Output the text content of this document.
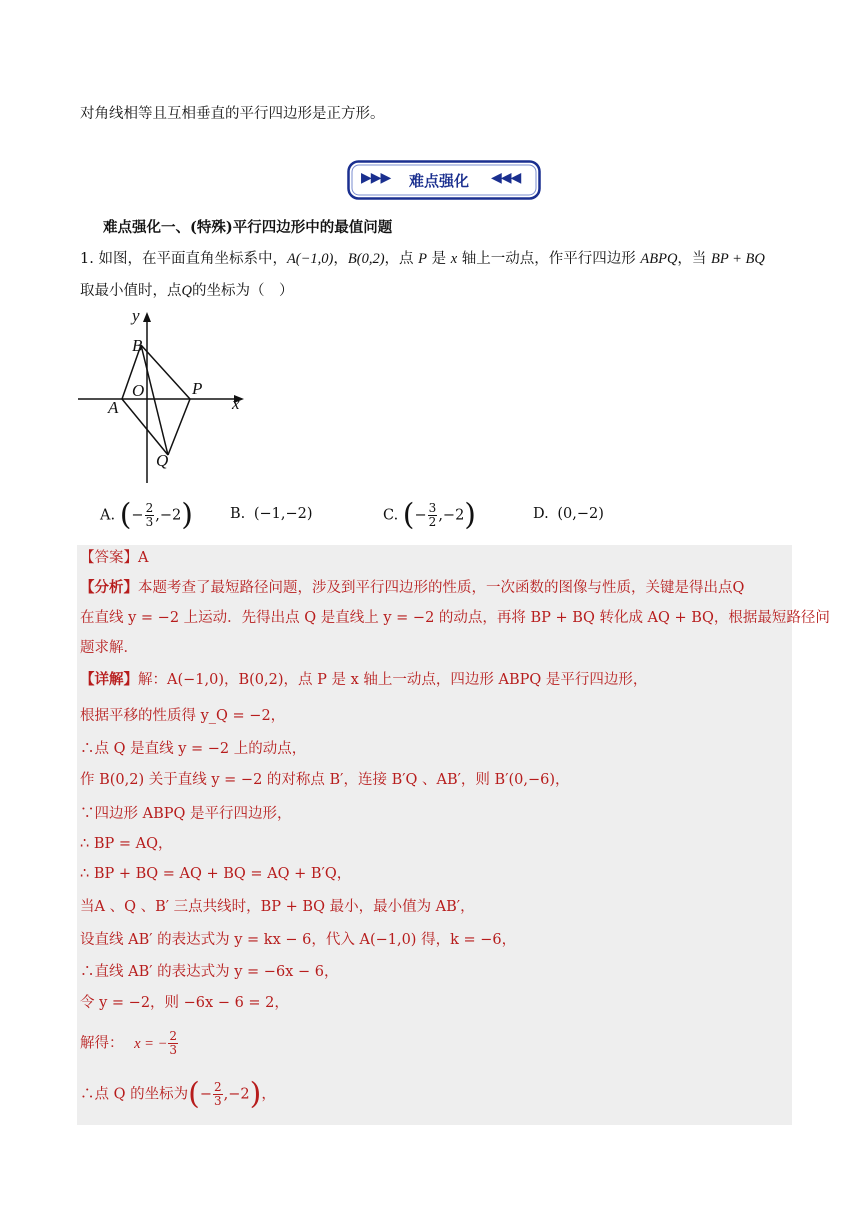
对角线相等且互相垂直的平行四边形是正方形。
▶▶▶ 难点强化 ◀◀◀
难点强化一、(特殊)平行四边形中的最值问题
1. 如图，在平面直角坐标系中，A(−1,0)，B(0,2)，点 P 是 x 轴上一动点，作平行四边形 ABPQ，当 BP + BQ
取最小值时，点Q的坐标为（　）
y
x
B
O	P
A
Q
A. (− $\frac{2}{3} ,-2$)	B. (−1,−2)	C. (− $\frac{3}{2} ,-2$)	D. (0,−2)
【答案】A
【分析】本题考查了最短路径问题，涉及到平行四边形的性质，一次函数的图像与性质，关键是得出点Q
在直线 y = −2 上运动．先得出点 Q 是直线上 y = −2 的动点，再将 BP + BQ 转化成 AQ + BQ，根据最短路径问
题求解．
【详解】解：A(−1,0)，B(0,2)，点 P 是 x 轴上一动点，四边形 ABPQ 是平行四边形，
根据平移的性质得 y_Q = −2，
∴点 Q 是直线 y = −2 上的动点，
作 B(0,2) 关于直线 y = −2 的对称点 B′，连接 B′Q 、AB′，则 B′(0,−6)，
∵四边形 ABPQ 是平行四边形，
∴ BP = AQ，
∴ BP + BQ = AQ + BQ = AQ + B′Q，
当A 、Q 、B′ 三点共线时，BP + BQ 最小，最小值为 AB′，
设直线 AB′ 的表达式为 y = kx − 6，代入 A(−1,0) 得，k = −6，
∴直线 AB′ 的表达式为 y = −6x − 6，
令 y = −2，则 −6x − 6 = 2，
解得： x = − $\frac{2}{3}$
∴点 Q 的坐标为(− $\frac{2}{3} ,-2$)，
